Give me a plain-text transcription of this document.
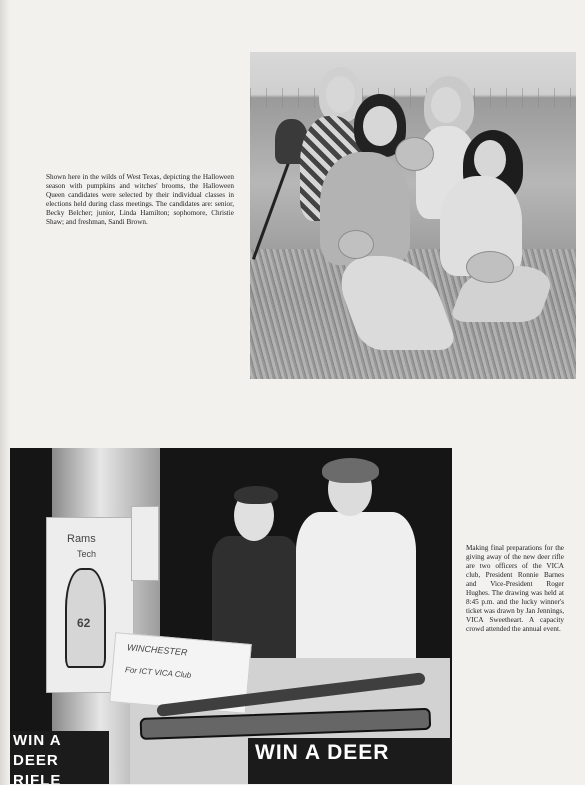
Shown here in the wilds of West Texas, depicting the Halloween season with pumpkins and witches' brooms, the Halloween Queen candidates were selected by their individual classes in elections held during class meetings. The candidates are: senior, Becky Belcher; junior, Linda Hamilton; sophomore, Christie Shaw; and freshman, Sandi Brown.
Rams
Tech
62
WINCHESTER
For ICT VICA Club
WIN A DEER
RIFLE
WIN A DEER
Making final preparations for the giving away of the new deer rifle are two officers of the VICA club, President Ronnie Barnes and Vice-President Roger Hughes. The drawing was held at 8:45 p.m. and the lucky winner's ticket was drawn by Jan Jennings, VICA Sweetheart. A capacity crowd attended the annual event.
